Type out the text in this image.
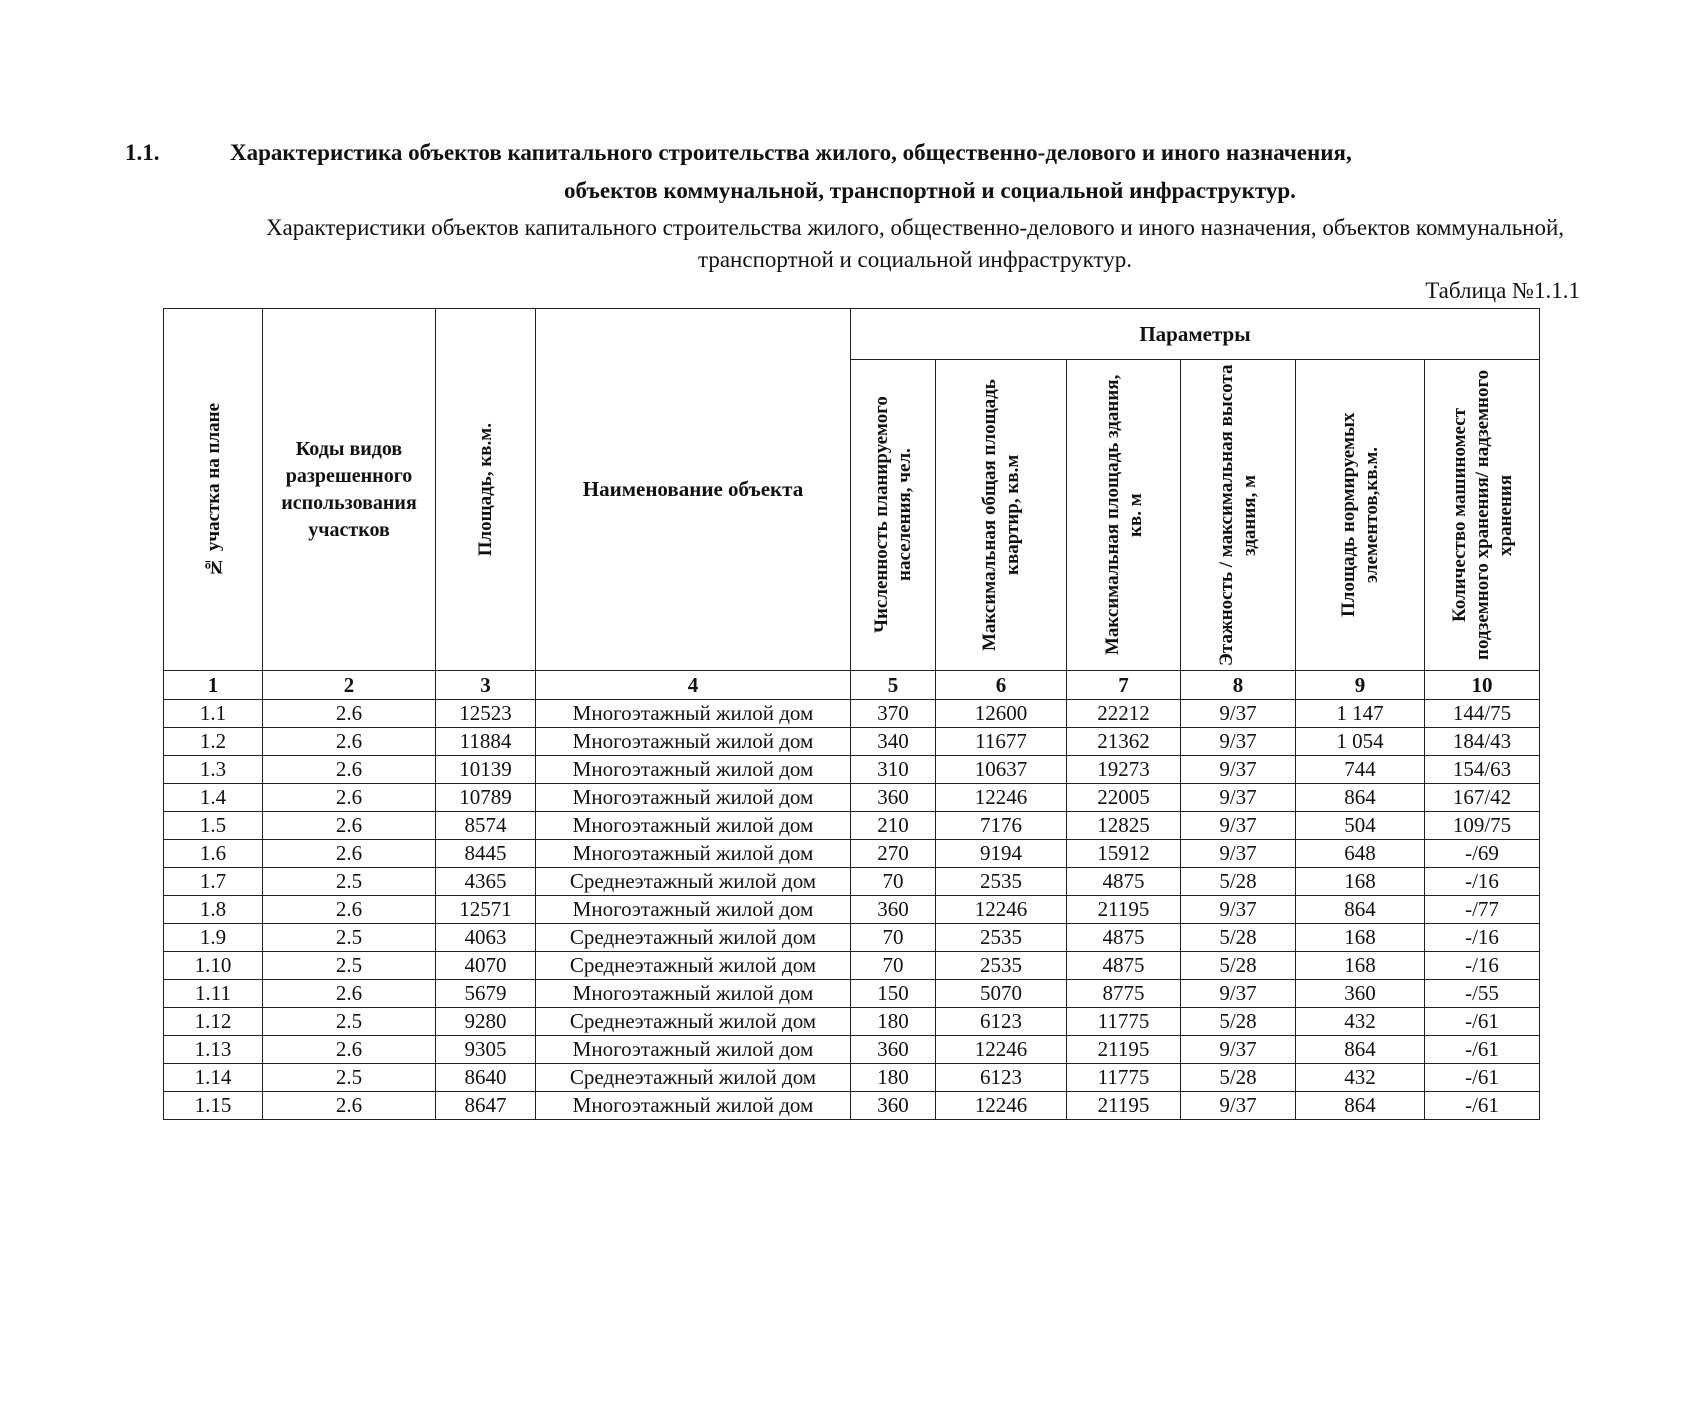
1.1.	Характеристика объектов капитального строительства жилого, общественно-делового и иного назначения,
объектов коммунальной, транспортной и социальной инфраструктур.
Характеристики объектов капитального строительства жилого, общественно-делового и иного назначения, объектов коммунальной, транспортной и социальной инфраструктур.
Таблица №1.1.1
№ участка на плане	Коды видов разрешенного использования участков	Площадь, кв.м.	Наименование объекта	Параметры					

				Численность планируемого населения, чел.	Максимальная общая площадь квартир, кв.м	Максимальная площадь здания, кв. м	Этажность / максимальная высота здания, м	Площадь нормируемых элементов,кв.м.	Количество машиномест подземного хранения/ надземного хранения

1	2	3	4	5	6	7	8	9	10
1.1	2.6	12523	Многоэтажный жилой дом	370	12600	22212	9/37	1 147	144/75
1.2	2.6	11884	Многоэтажный жилой дом	340	11677	21362	9/37	1 054	184/43
1.3	2.6	10139	Многоэтажный жилой дом	310	10637	19273	9/37	744	154/63
1.4	2.6	10789	Многоэтажный жилой дом	360	12246	22005	9/37	864	167/42
1.5	2.6	8574	Многоэтажный жилой дом	210	7176	12825	9/37	504	109/75
1.6	2.6	8445	Многоэтажный жилой дом	270	9194	15912	9/37	648	-/69
1.7	2.5	4365	Среднеэтажный жилой дом	70	2535	4875	5/28	168	-/16
1.8	2.6	12571	Многоэтажный жилой дом	360	12246	21195	9/37	864	-/77
1.9	2.5	4063	Среднеэтажный жилой дом	70	2535	4875	5/28	168	-/16
1.10	2.5	4070	Среднеэтажный жилой дом	70	2535	4875	5/28	168	-/16
1.11	2.6	5679	Многоэтажный жилой дом	150	5070	8775	9/37	360	-/55
1.12	2.5	9280	Среднеэтажный жилой дом	180	6123	11775	5/28	432	-/61
1.13	2.6	9305	Многоэтажный жилой дом	360	12246	21195	9/37	864	-/61
1.14	2.5	8640	Среднеэтажный жилой дом	180	6123	11775	5/28	432	-/61
1.15	2.6	8647	Многоэтажный жилой дом	360	12246	21195	9/37	864	-/61
